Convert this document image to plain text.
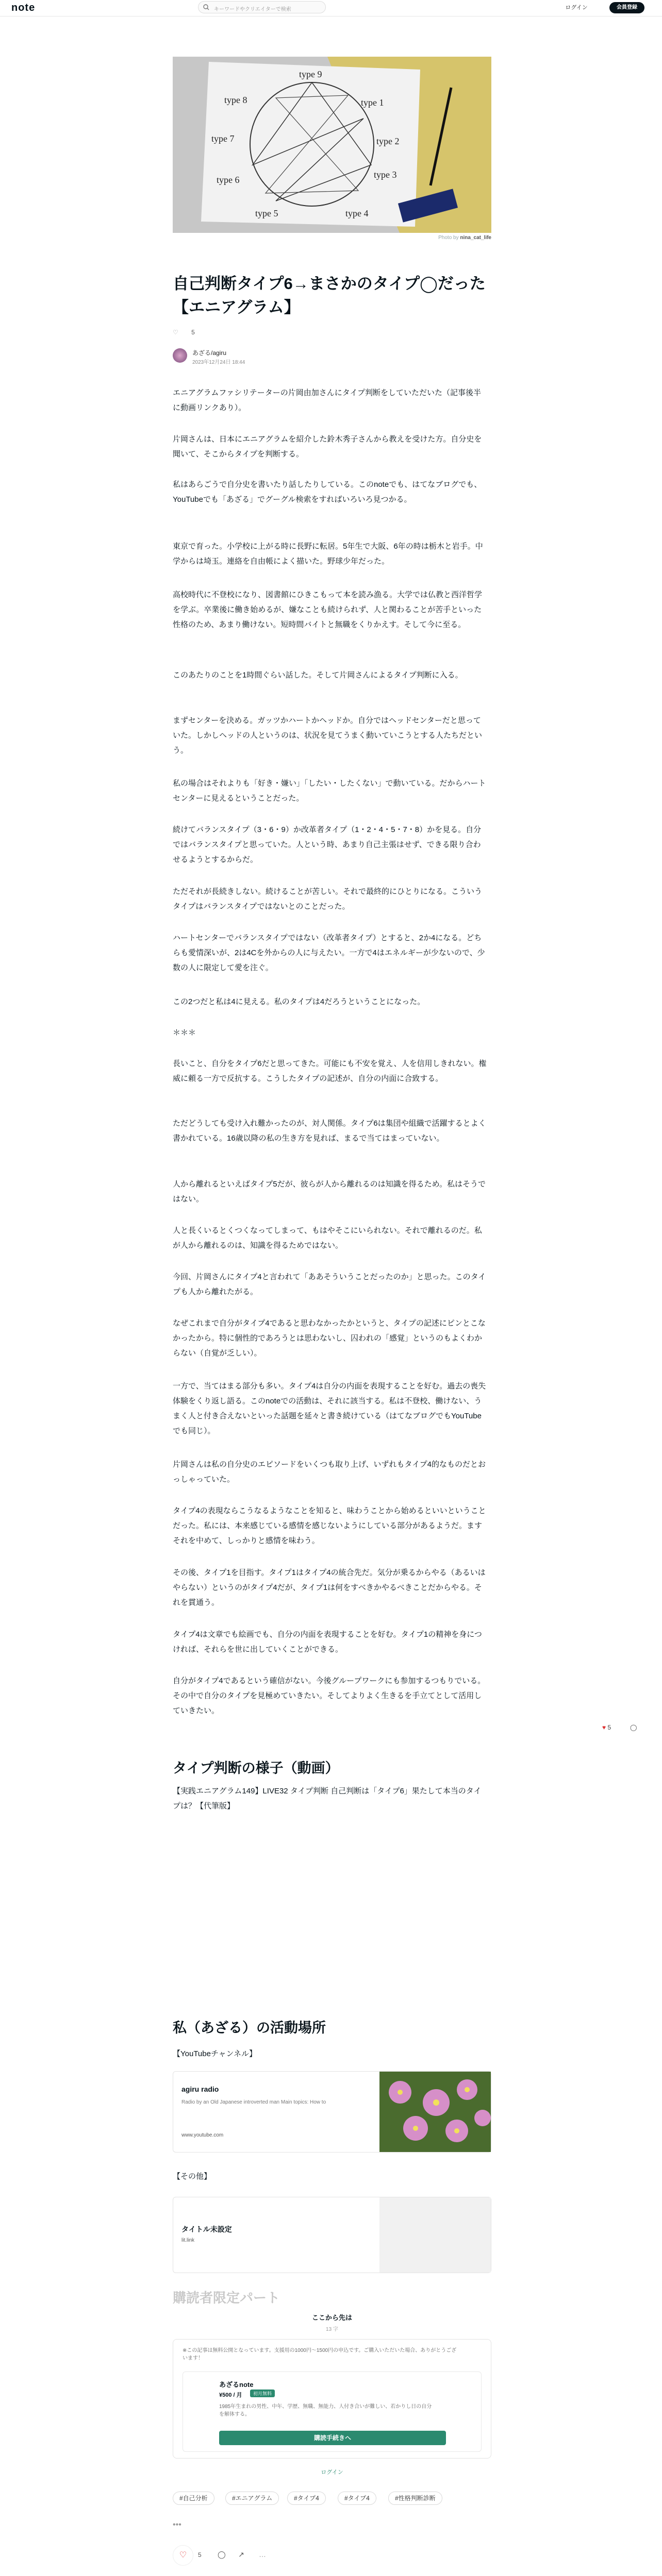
note	キーワードやクリエイターで検索	ログイン	会員登録
type 9
type 1
type 8
type 2
type 7
type 3
type 6
type 4
type 5
Photo by nina_cat_life
自己判断タイプ6→まさかのタイプ◯だった【エニアグラム】
♡ 5
あざる/agiru
2023年12月24日 18:44
エニアグラムファシリテーターの片岡由加さんにタイプ判断をしていただいた（記事後半に動画リンクあり）。
片岡さんは、日本にエニアグラムを紹介した鈴木秀子さんから教えを受けた方。自分史を聞いて、そこからタイプを判断する。
私はあらごうで自分史を書いたり話したりしている。このnoteでも、はてなブログでも、YouTubeでも「あざる」でグーグル検索をすればいろいろ見つかる。
東京で育った。小学校に上がる時に長野に転居。5年生で大阪、6年の時は栃木と岩手。中学からは埼玉。連絡を自由帳によく描いた。野球少年だった。
高校時代に不登校になり、図書館にひきこもって本を読み漁る。大学では仏教と西洋哲学を学ぶ。卒業後に働き始めるが、嫌なことも続けられず、人と関わることが苦手といった性格のため、あまり働けない。短時間バイトと無職をくりかえす。そして今に至る。
このあたりのことを1時間ぐらい話した。そして片岡さんによるタイプ判断に入る。
まずセンターを決める。ガッツかハートかヘッドか。自分ではヘッドセンターだと思っていた。しかしヘッドの人というのは、状況を見てうまく動いていこうとする人たちだという。
私の場合はそれよりも「好き・嫌い」「したい・したくない」で動いている。だからハートセンターに見えるということだった。
続けてバランスタイプ（3・6・9）か改革者タイプ（1・2・4・5・7・8）かを見る。自分ではバランスタイプと思っていた。人という時、あまり自己主張はせず、できる限り合わせるようとするからだ。
ただそれが長続きしない。続けることが苦しい。それで最終的にひとりになる。こういうタイプはバランスタイプではないとのことだった。
ハートセンターでバランスタイプではない（改革者タイプ）とすると、2か4になる。どちらも愛情深いが、2は4Cを外からの人に与えたい。一方で4はエネルギーが少ないので、少数の人に限定して愛を注ぐ。
この2つだと私は4に見える。私のタイプは4だろうということになった。
＊＊＊
長いこと、自分をタイプ6だと思ってきた。可能にも不安を覚え、人を信用しきれない。権威に頼る一方で反抗する。こうしたタイプの記述が、自分の内面に合致する。
ただどうしても受け入れ難かったのが、対人関係。タイプ6は集団や組織で活躍するとよく書かれている。16歳以降の私の生き方を見れば、まるで当てはまっていない。
人から離れるといえばタイプ5だが、彼らが人から離れるのは知識を得るため。私はそうではない。
人と長くいるとくつくなってしまって、もはやそこにいられない。それで離れるのだ。私が人から離れるのは、知識を得るためではない。
今回、片岡さんにタイプ4と言われて「ああそういうことだったのか」と思った。このタイプも人から離れたがる。
なぜこれまで自分がタイプ4であると思わなかったかというと、タイプの記述にピンとこなかったから。特に個性的であろうとは思わないし、囚われの「感覚」というのもよくわからない（自覚が乏しい）。
一方で、当てはまる部分も多い。タイプ4は自分の内面を表現することを好む。過去の喪失体験をくり返し語る。このnoteでの活動は、それに該当する。私は不登校、働けない、うまく人と付き合えないといった話題を延々と書き続けている（はてなブログでもYouTubeでも同じ）。
片岡さんは私の自分史のエピソードをいくつも取り上げ、いずれもタイプ4的なものだとおっしゃっていた。
タイプ4の表現ならこうなるようなことを知ると、味わうことから始めるといいということだった。私には、本来感じている感情を感じないようにしている部分があるようだ。ますそれを中めて、しっかりと感情を味わう。
その後、タイプ1を目指す。タイプ1はタイプ4の統合先だ。気分が乗るからやる（あるいはやらない）というのがタイプ4だが、タイプ1は何をすべきかやるべきことだからやる。それを貫通う。
タイプ4は文章でも絵画でも、自分の内面を表現することを好む。タイプ1の精神を身につければ、それらを世に出していくことができる。
自分がタイプ4であるという確信がない。今後グループワークにも参加するつもりでいる。その中で自分のタイプを見極めていきたい。そしてよりよく生きるを手立てとして活用していきたい。
♥ 5	◯
タイプ判断の様子（動画）
【実践エニアグラム149】LIVE32 タイプ判断 自己判断は「タイプ6」果たして本当のタイプは？【代筆版】
私（あざる）の活動場所
【YouTubeチャンネル】
agiru radio
Radio by an Old Japanese introverted man Main topics: How to
www.youtube.com
【その他】
タイトル未設定
lit.link
購読者限定パート
ここから先は
13 字
※この記事は無料公開となっています。支援用の1000円〜1500円の申込です。ご購入いただいた場合、ありがとうございます！
あざるnote
¥500 / 月	初月無料
1985年生まれの男性、中年、学歴、無職、無能力、人付き合いが難しい、若かりし日の自分を解体する。
購読手続きへ
ログイン
#自己分析	#エニアグラム	#タイプ4	#タイプ4	#性格判断診断
•••
♡	5 ◯ ↗ …
